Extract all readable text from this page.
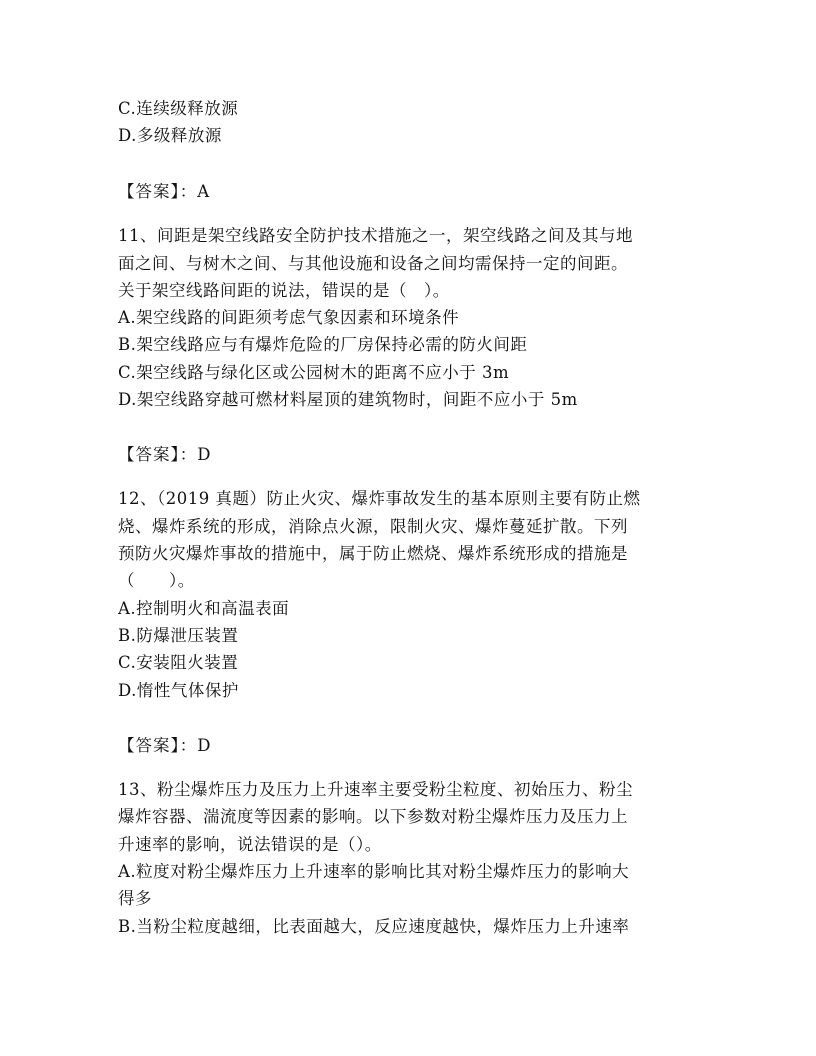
C.连续级释放源
D.多级释放源
【答案】：A
11、间距是架空线路安全防护技术措施之一，架空线路之间及其与地
面之间、与树木之间、与其他设施和设备之间均需保持一定的间距。
关于架空线路间距的说法，错误的是（　）。
A.架空线路的间距须考虑气象因素和环境条件
B.架空线路应与有爆炸危险的厂房保持必需的防火间距
C.架空线路与绿化区或公园树木的距离不应小于 3m
D.架空线路穿越可燃材料屋顶的建筑物时，间距不应小于 5m
【答案】：D
12、（2019 真题）防止火灾、爆炸事故发生的基本原则主要有防止燃
烧、爆炸系统的形成，消除点火源，限制火灾、爆炸蔓延扩散。下列
预防火灾爆炸事故的措施中，属于防止燃烧、爆炸系统形成的措施是
（　　）。
A.控制明火和高温表面
B.防爆泄压装置
C.安装阻火装置
D.惰性气体保护
【答案】：D
13、粉尘爆炸压力及压力上升速率主要受粉尘粒度、初始压力、粉尘
爆炸容器、湍流度等因素的影响。以下参数对粉尘爆炸压力及压力上
升速率的影响，说法错误的是（）。
A.粒度对粉尘爆炸压力上升速率的影响比其对粉尘爆炸压力的影响大
得多
B.当粉尘粒度越细，比表面越大，反应速度越快，爆炸压力上升速率
